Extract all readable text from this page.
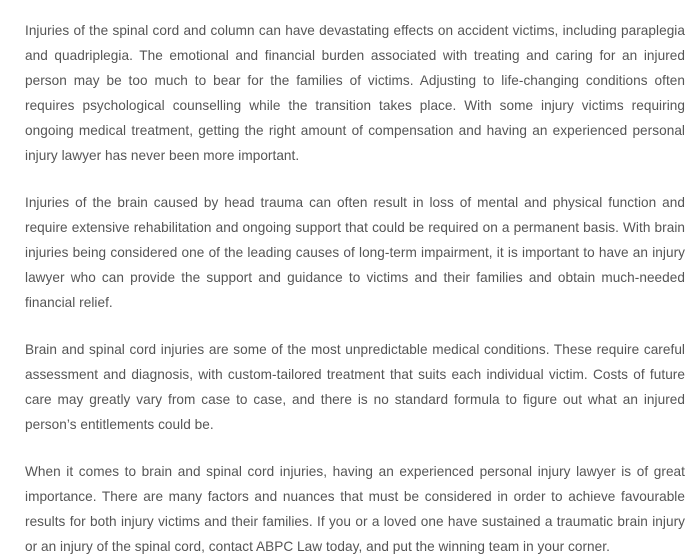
Injuries of the spinal cord and column can have devastating effects on accident victims, including paraplegia and quadriplegia. The emotional and financial burden associated with treating and caring for an injured person may be too much to bear for the families of victims. Adjusting to life-changing conditions often requires psychological counselling while the transition takes place. With some injury victims requiring ongoing medical treatment, getting the right amount of compensation and having an experienced personal injury lawyer has never been more important.

Injuries of the brain caused by head trauma can often result in loss of mental and physical function and require extensive rehabilitation and ongoing support that could be required on a permanent basis. With brain injuries being considered one of the leading causes of long-term impairment, it is important to have an injury lawyer who can provide the support and guidance to victims and their families and obtain much-needed financial relief.

Brain and spinal cord injuries are some of the most unpredictable medical conditions. These require careful assessment and diagnosis, with custom-tailored treatment that suits each individual victim. Costs of future care may greatly vary from case to case, and there is no standard formula to figure out what an injured person’s entitlements could be.

When it comes to brain and spinal cord injuries, having an experienced personal injury lawyer is of great importance. There are many factors and nuances that must be considered in order to achieve favourable results for both injury victims and their families. If you or a loved one have sustained a traumatic brain injury or an injury of the spinal cord, contact ABPC Law today, and put the winning team in your corner.
